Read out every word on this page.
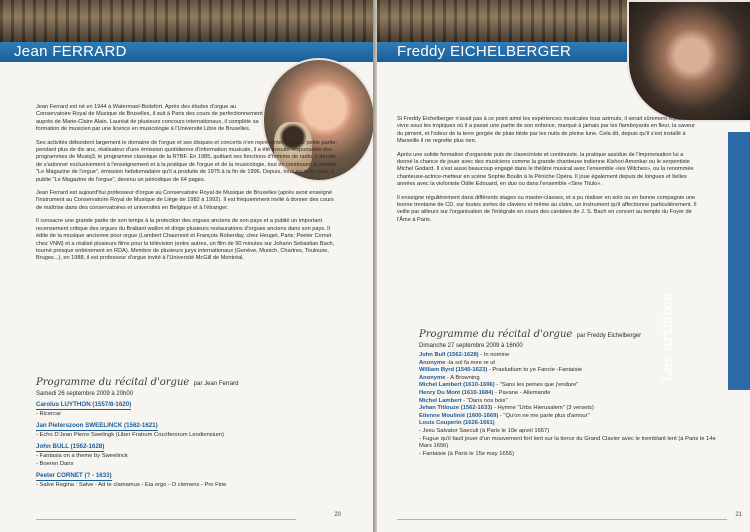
Jean FERRARD

Jean Ferrard est né en 1944 à Watermael-Boitsfort. Après des études d'orgue au Conservatoire Royal de Musique de Bruxelles, il suit à Paris des cours de perfectionnement auprès de Marie-Claire Alain. Lauréat de plusieurs concours internationaux, il complète sa formation de musicien par une licence en musicologie à l'Université Libre de Bruxelles.

Ses activités débordent largement le domaine de l'orgue et ses disques et concerts n'en représentent qu'une petite partie: pendant plus de dix ans, réalisateur d'une émission quotidienne d'information musicale, il a été ensuite responsable des programmes de Musiq3, le programme classique de la RTBF. En 1985, quittant ses fonctions d'homme de radio, il décide de s'adonner exclusivement à l'enseignement et à la pratique de l'orgue et de la musicologie, tout en continuant à réaliser "Le Magazine de l'orgue", émission hebdomadaire qu'il a produite de 1975 à la fin de 1996. Depuis, tous les trois mois, il publie "Le Magazine de l'orgue", devenu un périodique de 64 pages.

Jean Ferrard est aujourd'hui professeur d'orgue au Conservatoire Royal de Musique de Bruxelles (après avoir enseigné l'instrument au Conservatoire Royal de Musique de Liège de 1982 à 1992). Il est fréquemment invité à donner des cours de maîtrise dans des conservatoires et universités en Belgique et à l'étranger.

Il consacre une grande partie de son temps à la protection des orgues anciens de son pays et a publié un important recensement critique des orgues du Brabant wallon et dirige plusieurs restaurations d'orgues anciens dans son pays. Il édite de la musique ancienne pour orgue (Lambert Chaumont et François Roberday, chez Heugel, Paris; Peeter Cornet chez VNM) et a réalisé plusieurs films pour la télévision (entre autres, un film de 90 minutes sur Johann Sebastian Bach, tourné presque entièrement en RDA). Membre de plusieurs jurys internationaux (Genève, Munich, Chartres, Toulouse, Bruges...), en 1988, il est professeur d'orgue invité à l'Université McGill de Montréal.

Programme du récital d'orgue par Jean Ferrard
Samedi 26 septembre 2009 à 20h00
Carolus LUYTHON (1557/8-1620)
- Ricercar
Jan Pieterszoon SWEELINCK (1562-1621)
- Echo D'Jean Pierre Swelingk (Liber Fratrum Cruciferorum Leodiensium)
John BULL (1562-1628)
- Fantasia on a theme by Sweelinck
- Boeren Dans
Peeter CORNET (? - 1633)
- Salve Regina : Salve - Ad te clamamus - Eia ergo - O clemens - Pro Fine
20
Freddy EICHELBERGER

Si Freddy Eichelberger n'avait pas à ce point aimé les expériences musicales tous azimuts, il serait sûrement reparti vivre sous les tropiques où il a passé une partie de son enfance, marqué à jamais par les flamboyants en fleur, la saveur du piment, et l'odeur de la terre gorgée de pluie tiède par les nuits de pleine lune. Cela dit, depuis qu'il s'est installé à Marseille il ne regrette plus rien.

Après une solide formation d'organiste puis de claveciniste et continuiste, la pratique assidue de l'improvisation lui a donné la chance de jouer avec des musiciens comme la grande chanteuse indienne Kishori Amonkar ou le serpentiste Michel Godard. Il s'est aussi beaucoup engagé dans le théâtre musical avec l'ensemble «les Witches», ou la renommée chanteuse-actrice-metteur en scène Sophie Boulin à la Péniche Opéra. Il joue également depuis de longues et belles années avec la violoniste Odile Edouard, en duo ou dans l'ensemble «Sine Titulo».

Il enseigne régulièrement dans différents stages ou master-classes, et a pu réaliser en solo ou en bonne compagnie une bonne trentaine de CD, sur toutes sortes de claviers et même au cistre, un instrument qu'il affectionne particulièrement. Il veille par ailleurs sur l'organisation de l'intégrale en cours des cantates de J. S. Bach en concert au temple du Foyer de l'Âme à Paris.

Programme du récital d'orgue par Freddy Eichelberger
Dimanche 27 septembre 2009 à 16h00
John Bull (1562-1628) - In nomine
Anonyme -la sol fa mee re ut
William Byrd (1540-1623) - Praeludium to ye Fancie -Fantaisie
Anonyme - A Browning
Michel Lambert (1610-1696) - "Sans les peines que j'endure"
Henry Du Mont (1610-1684) - Pavane - Allemande
Michel Lambert - "Dans nos bois"
Jehan Titlouze (1562-1633) - Hymne "Urbs Hierusalem" (3 versets)
Etienne Moulinié (1600-1669) - "Qu'on ne me parle plus d'amour"
Louis Couperin (1626-1661)
- Jesu Salvator Saeculi (à Paris le 10e apvril 1657)
- Fugue qu'il fault jouer d'un mouvement fort lent sur la tierce du Grand Clavier avec le tremblant lent (à Paris le 14e Mars 1656)
- Fantaisie (à Paris le 15e may 1656)
Les artistes
21
